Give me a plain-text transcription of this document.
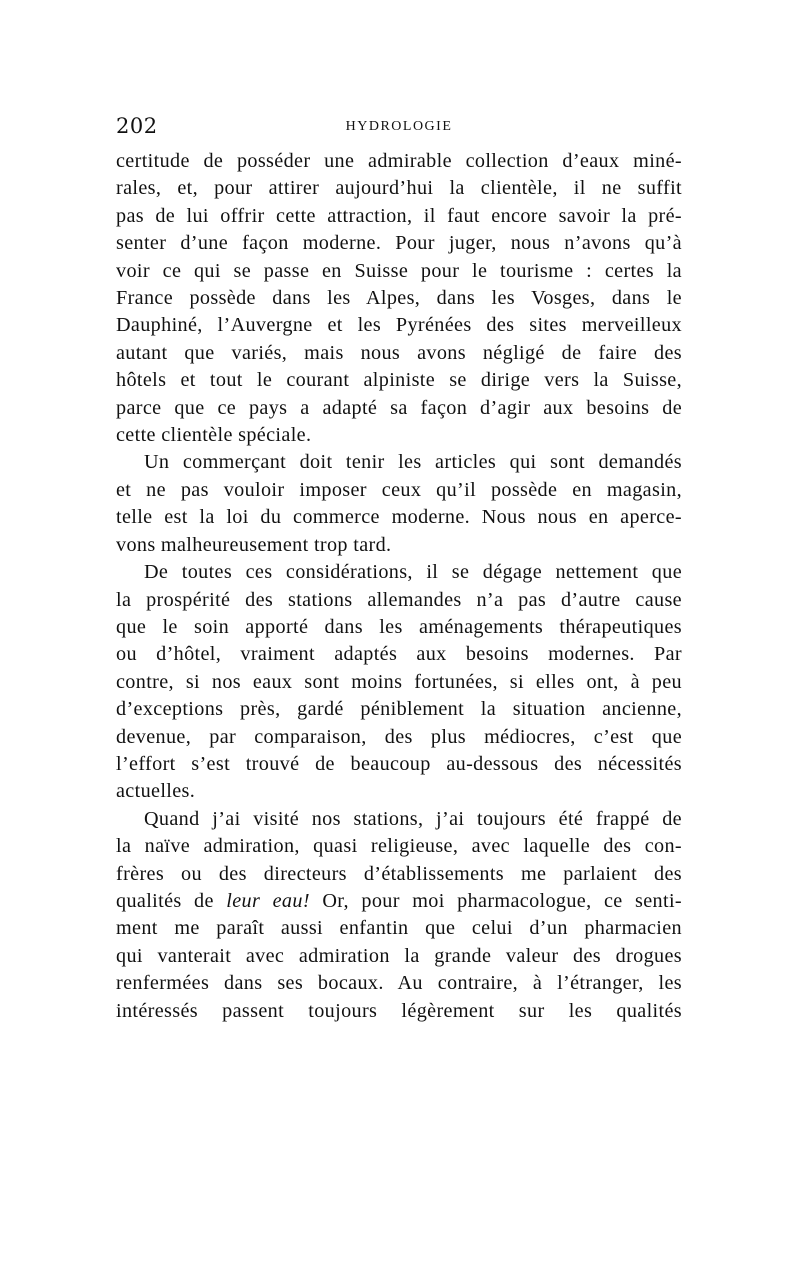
202	HYDROLOGIE

certitude de posséder une admirable collection d’eaux miné-
rales, et, pour attirer aujourd’hui la clientèle, il ne suffit
pas de lui offrir cette attraction, il faut encore savoir la pré-
senter d’une façon moderne. Pour juger, nous n’avons qu’à
voir ce qui se passe en Suisse pour le tourisme : certes la
France possède dans les Alpes, dans les Vosges, dans le
Dauphiné, l’Auvergne et les Pyrénées des sites merveilleux
autant que variés, mais nous avons négligé de faire des
hôtels et tout le courant alpiniste se dirige vers la Suisse,
parce que ce pays a adapté sa façon d’agir aux besoins de
cette clientèle spéciale.

Un commerçant doit tenir les articles qui sont demandés
et ne pas vouloir imposer ceux qu’il possède en magasin,
telle est la loi du commerce moderne. Nous nous en aperce-
vons malheureusement trop tard.

De toutes ces considérations, il se dégage nettement que
la prospérité des stations allemandes n’a pas d’autre cause
que le soin apporté dans les aménagements thérapeutiques
ou d’hôtel, vraiment adaptés aux besoins modernes. Par
contre, si nos eaux sont moins fortunées, si elles ont, à peu
d’exceptions près, gardé péniblement la situation ancienne,
devenue, par comparaison, des plus médiocres, c’est que
l’effort s’est trouvé de beaucoup au-dessous des nécessités
actuelles.

Quand j’ai visité nos stations, j’ai toujours été frappé de
la naïve admiration, quasi religieuse, avec laquelle des con-
frères ou des directeurs d’établissements me parlaient des
qualités de leur eau! Or, pour moi pharmacologue, ce senti-
ment me paraît aussi enfantin que celui d’un pharmacien
qui vanterait avec admiration la grande valeur des drogues
renfermées dans ses bocaux. Au contraire, à l’étranger, les
intéressés passent toujours légèrement sur les qualités
